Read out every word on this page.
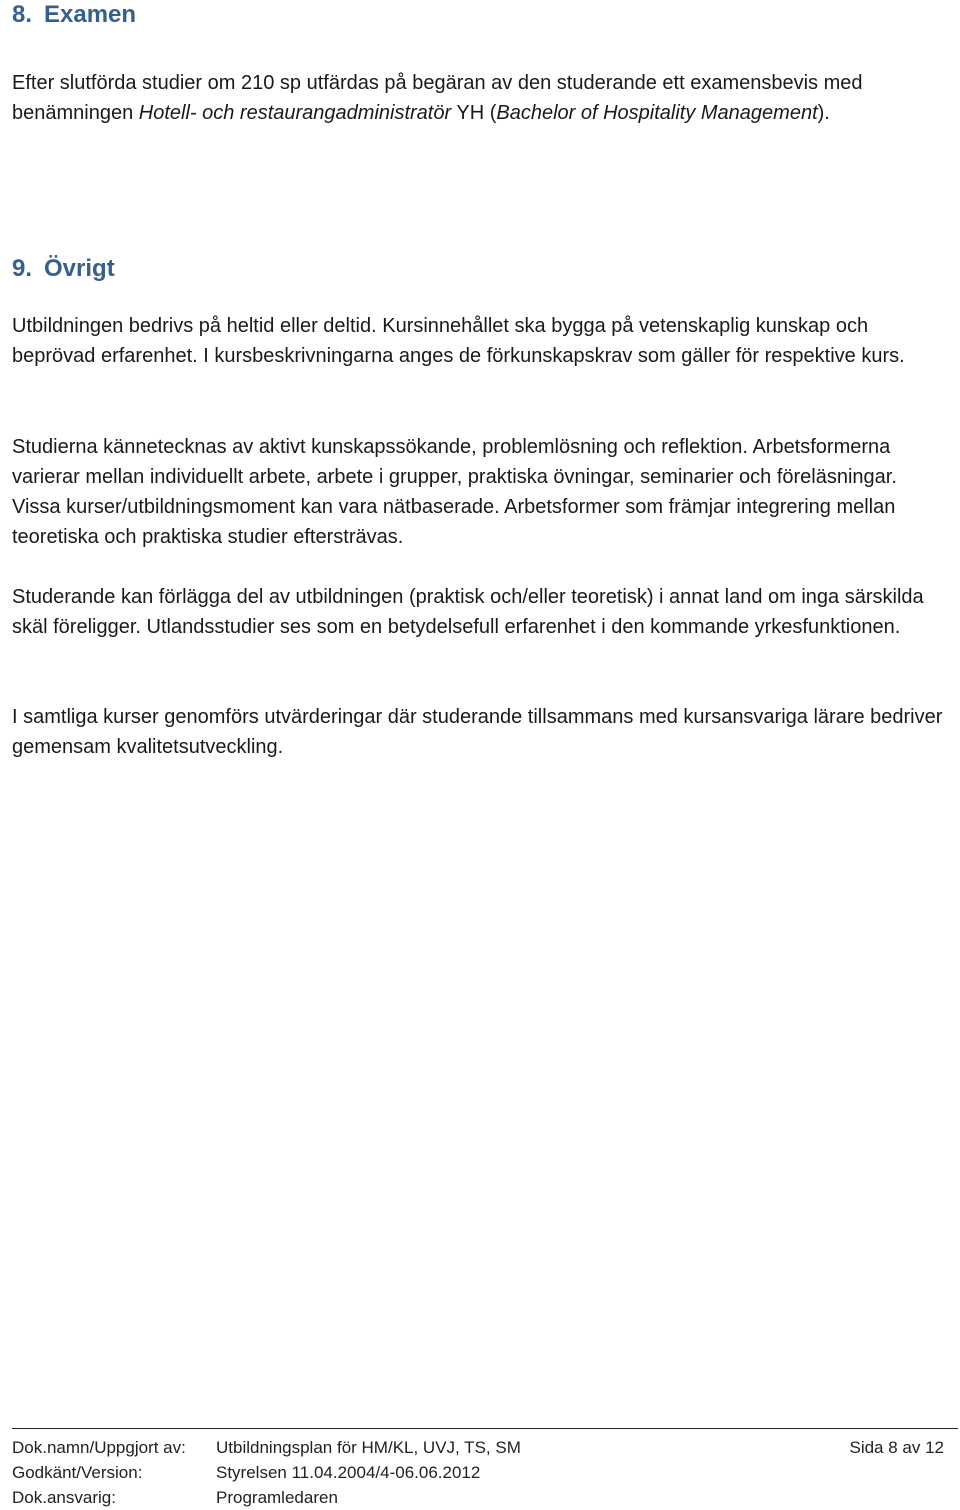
8. Examen

Efter slutförda studier om 210 sp utfärdas på begäran av den studerande ett examensbevis med benämningen Hotell- och restaurangadministratör YH (Bachelor of Hospitality Management).

9. Övrigt

Utbildningen bedrivs på heltid eller deltid. Kursinnehållet ska bygga på vetenskaplig kunskap och beprövad erfarenhet. I kursbeskrivningarna anges de förkunskapskrav som gäller för respektive kurs.

Studierna kännetecknas av aktivt kunskapssökande, problemlösning och reflektion. Arbetsformerna varierar mellan individuellt arbete, arbete i grupper, praktiska övningar, seminarier och föreläsningar. Vissa kurser/utbildningsmoment kan vara nätbaserade. Arbetsformer som främjar integrering mellan teoretiska och praktiska studier eftersträvas.

Studerande kan förlägga del av utbildningen (praktisk och/eller teoretisk) i annat land om inga särskilda skäl föreligger. Utlandsstudier ses som en betydelsefull erfarenhet i den kommande yrkesfunktionen.

I samtliga kurser genomförs utvärderingar där studerande tillsammans med kursansvariga lärare bedriver gemensam kvalitetsutveckling.

Dok.namn/Uppgjort av: Utbildningsplan för HM/KL, UVJ, TS, SM	Sida 8 av 12
Godkänt/Version:	Styrelsen 11.04.2004/4-06.06.2012
Dok.ansvarig:	Programledaren
